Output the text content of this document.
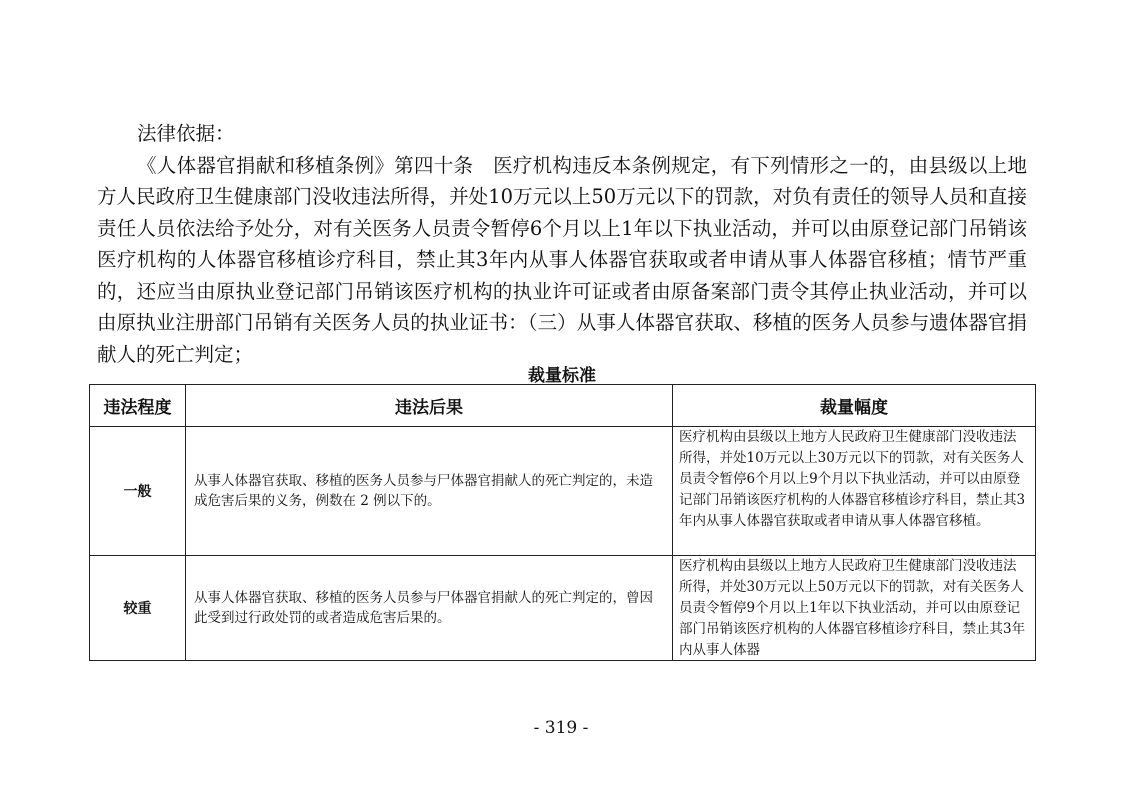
法律依据：
《人体器官捐献和移植条例》第四十条　医疗机构违反本条例规定，有下列情形之一的，由县级以上地方人民政府卫生健康部门没收违法所得，并处10万元以上50万元以下的罚款，对负有责任的领导人员和直接责任人员依法给予处分，对有关医务人员责令暂停6个月以上1年以下执业活动，并可以由原登记部门吊销该医疗机构的人体器官移植诊疗科目，禁止其3年内从事人体器官获取或者申请从事人体器官移植；情节严重的，还应当由原执业登记部门吊销该医疗机构的执业许可证或者由原备案部门责令其停止执业活动，并可以由原执业注册部门吊销有关医务人员的执业证书：（三）从事人体器官获取、移植的医务人员参与遗体器官捐献人的死亡判定；
裁量标准
违法程度	违法后果	裁量幅度
一般	从事人体器官获取、移植的医务人员参与尸体器官捐献人的死亡判定的，未造成危害后果的义务，例数在 2 例以下的。	医疗机构由县级以上地方人民政府卫生健康部门没收违法所得，并处10万元以上30万元以下的罚款，对有关医务人员责令暂停6个月以上9个月以下执业活动，并可以由原登记部门吊销该医疗机构的人体器官移植诊疗科目，禁止其3年内从事人体器官获取或者申请从事人体器官移植。
较重	从事人体器官获取、移植的医务人员参与尸体器官捐献人的死亡判定的，曾因此受到过行政处罚的或者造成危害后果的。	医疗机构由县级以上地方人民政府卫生健康部门没收违法所得，并处30万元以上50万元以下的罚款，对有关医务人员责令暂停9个月以上1年以下执业活动，并可以由原登记部门吊销该医疗机构的人体器官移植诊疗科目，禁止其3年内从事人体器
- 319 -
